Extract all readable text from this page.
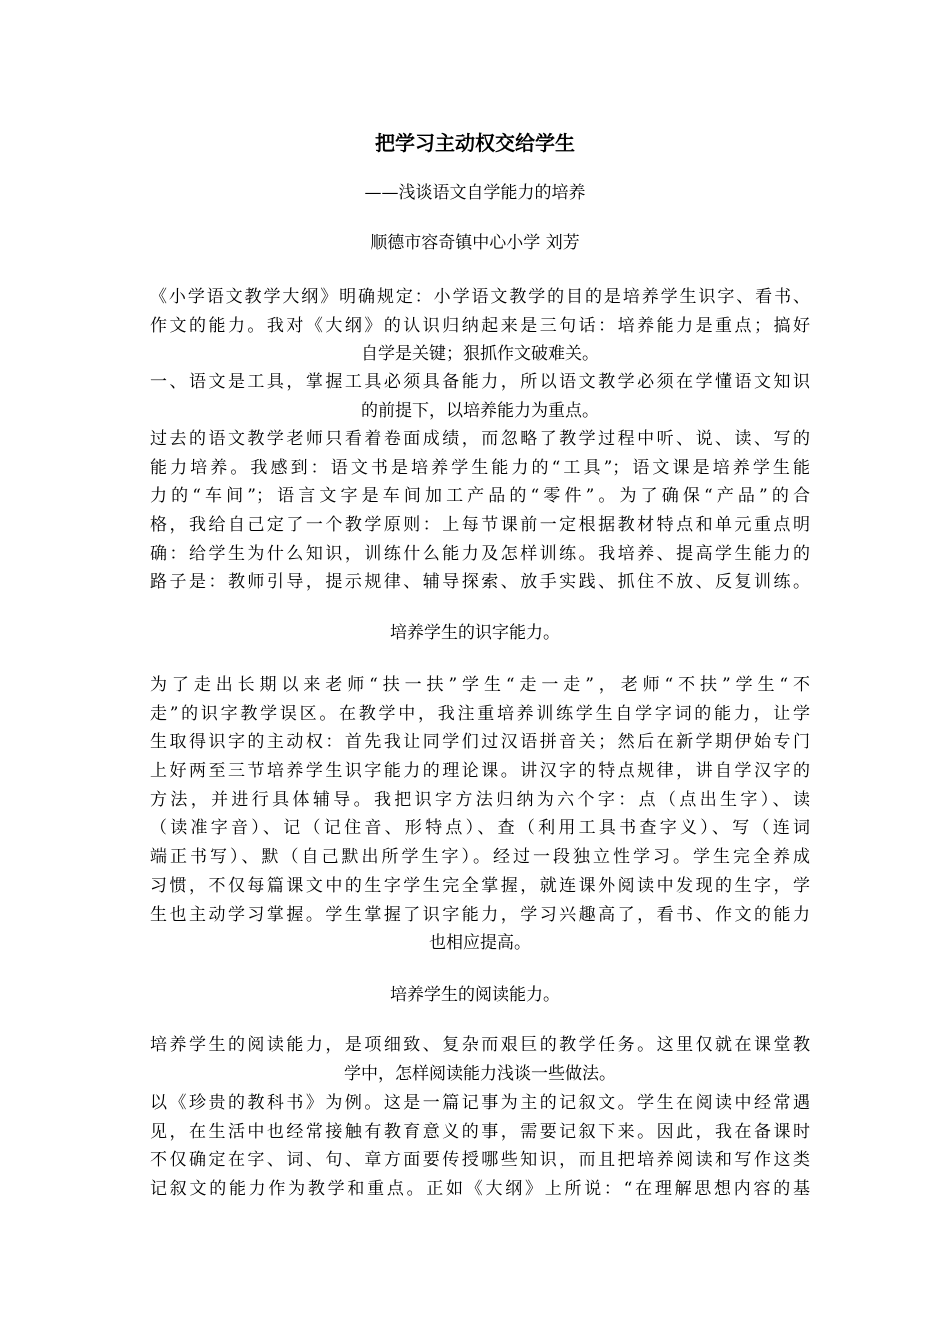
把学习主动权交给学生
——浅谈语文自学能力的培养
顺德市容奇镇中心小学 刘芳
《小学语文教学大纲》明确规定：小学语文教学的目的是培养学生识字、看书、
作文的能力。我对《大纲》的认识归纳起来是三句话：培养能力是重点；搞好
自学是关键；狠抓作文破难关。
一、语文是工具，掌握工具必须具备能力，所以语文教学必须在学懂语文知识
的前提下，以培养能力为重点。
过去的语文教学老师只看着卷面成绩，而忽略了教学过程中听、说、读、写的
能力培养。我感到：语文书是培养学生能力的“工具”；语文课是培养学生能
力的“车间”；语言文字是车间加工产品的“零件”。为了确保“产品”的合
格，我给自己定了一个教学原则：上每节课前一定根据教材特点和单元重点明
确：给学生为什么知识，训练什么能力及怎样训练。我培养、提高学生能力的
路子是：教师引导，提示规律、辅导探索、放手实践、抓住不放、反复训练。
培养学生的识字能力。
为了走出长期以来老师“扶一扶”学生“走一走”，老师“不扶”学生“不
走”的识字教学误区。在教学中，我注重培养训练学生自学字词的能力，让学
生取得识字的主动权：首先我让同学们过汉语拼音关；然后在新学期伊始专门
上好两至三节培养学生识字能力的理论课。讲汉字的特点规律，讲自学汉字的
方法，并进行具体辅导。我把识字方法归纳为六个字：点（点出生字）、读
（读准字音）、记（记住音、形特点）、查（利用工具书查字义）、写（连词
端正书写）、默（自己默出所学生字）。经过一段独立性学习。学生完全养成
习惯，不仅每篇课文中的生字学生完全掌握，就连课外阅读中发现的生字，学
生也主动学习掌握。学生掌握了识字能力，学习兴趣高了，看书、作文的能力
也相应提高。
培养学生的阅读能力。
培养学生的阅读能力，是项细致、复杂而艰巨的教学任务。这里仅就在课堂教
学中，怎样阅读能力浅谈一些做法。
以《珍贵的教科书》为例。这是一篇记事为主的记叙文。学生在阅读中经常遇
见，在生活中也经常接触有教育意义的事，需要记叙下来。因此，我在备课时
不仅确定在字、词、句、章方面要传授哪些知识，而且把培养阅读和写作这类
记叙文的能力作为教学和重点。正如《大纲》上所说：“在理解思想内容的基
